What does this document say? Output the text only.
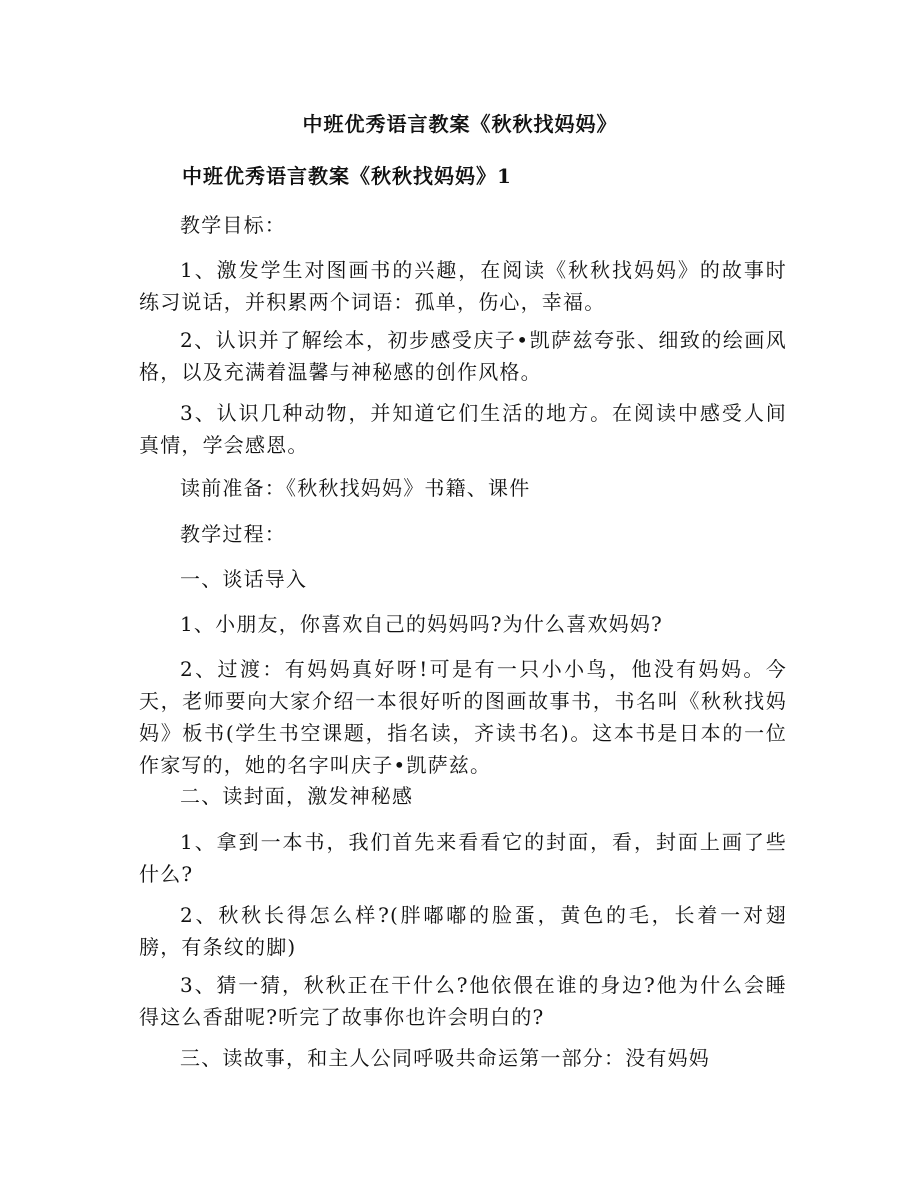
中班优秀语言教案《秋秋找妈妈》
中班优秀语言教案《秋秋找妈妈》1

教学目标：

1、激发学生对图画书的兴趣，在阅读《秋秋找妈妈》的故事时练习说话，并积累两个词语：孤单，伤心，幸福。

2、认识并了解绘本，初步感受庆子•凯萨兹夸张、细致的绘画风格，以及充满着温馨与神秘感的创作风格。

3、认识几种动物，并知道它们生活的地方。在阅读中感受人间真情，学会感恩。

读前准备：《秋秋找妈妈》书籍、课件

教学过程：

一、谈话导入

1、小朋友，你喜欢自己的妈妈吗?为什么喜欢妈妈?

2、过渡：有妈妈真好呀!可是有一只小小鸟，他没有妈妈。今天，老师要向大家介绍一本很好听的图画故事书，书名叫《秋秋找妈妈》板书(学生书空课题，指名读，齐读书名)。这本书是日本的一位作家写的，她的名字叫庆子•凯萨兹。

二、读封面，激发神秘感

1、拿到一本书，我们首先来看看它的封面，看，封面上画了些什么?

2、秋秋长得怎么样?(胖嘟嘟的脸蛋，黄色的毛，长着一对翅膀，有条纹的脚)

3、猜一猜，秋秋正在干什么?他依偎在谁的身边?他为什么会睡得这么香甜呢?听完了故事你也许会明白的?

三、读故事，和主人公同呼吸共命运第一部分：没有妈妈
